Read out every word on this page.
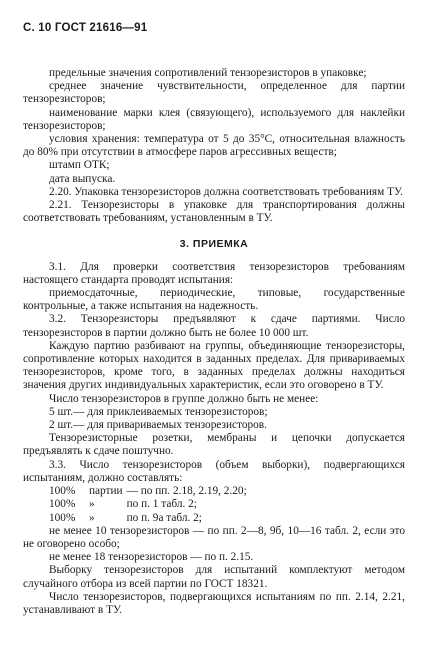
С. 10 ГОСТ 21616—91

предельные значения сопротивлений тензорезисторов в упаковке;

среднее значение чувствительности, определенное для партии тензорезисторов;

наименование марки клея (связующего), используемого для наклейки тензорезисторов;

условия хранения: температура от 5 до 35°С, относительная влажность до 80% при отсутствии в атмосфере паров агрессивных веществ;

штамп ОТК;

дата выпуска.

2.20. Упаковка тензорезисторов должна соответствовать требованиям ТУ.

2.21. Тензорезисторы в упаковке для транспортирования должны соответствовать требованиям, установленным в ТУ.

3. ПРИЕМКА

3.1. Для проверки соответствия тензорезисторов требованиям настоящего стандарта проводят испытания:

приемосдаточные, периодические, типовые, государственные контрольные, а также испытания на надежность.

3.2. Тензорезисторы предъявляют к сдаче партиями. Число тензорезисторов в партии должно быть не более 10 000 шт.

Каждую партию разбивают на группы, объединяющие тензорезисторы, сопротивление которых находится в заданных пределах. Для приваривaемых тензорезисторов, кроме того, в заданных пределах должны находиться значения других индивидуальных характеристик, если это оговорено в ТУ.

Число тензорезисторов в группе должно быть не менее:

5 шт.— для приклеиваемых тензорезисторов;

2 шт.— для привариваемых тензорезисторов.

Тензорезисторные розетки, мембраны и цепочки допускается предъявлять к сдаче поштучно.

3.3. Число тензорезисторов (объем выборки), подвергающихся испытаниям, должно составлять:

100%	партии	— по пп. 2.18, 2.19, 2.20;
100%	»	по п. 1 табл. 2;
100%	»	по п. 9а табл. 2;

не менее 10 тензорезисторов — по пп. 2—8, 9б, 10—16 табл. 2, если это не оговорено особо;

не менее 18 тензорезисторов — по п. 2.15.

Выборку тензорезисторов для испытаний комплектуют методом случайного отбора из всей партии по ГОСТ 18321.

Число тензорезисторов, подвергающихся испытаниям по пп. 2.14, 2.21, устанавливают в ТУ.
